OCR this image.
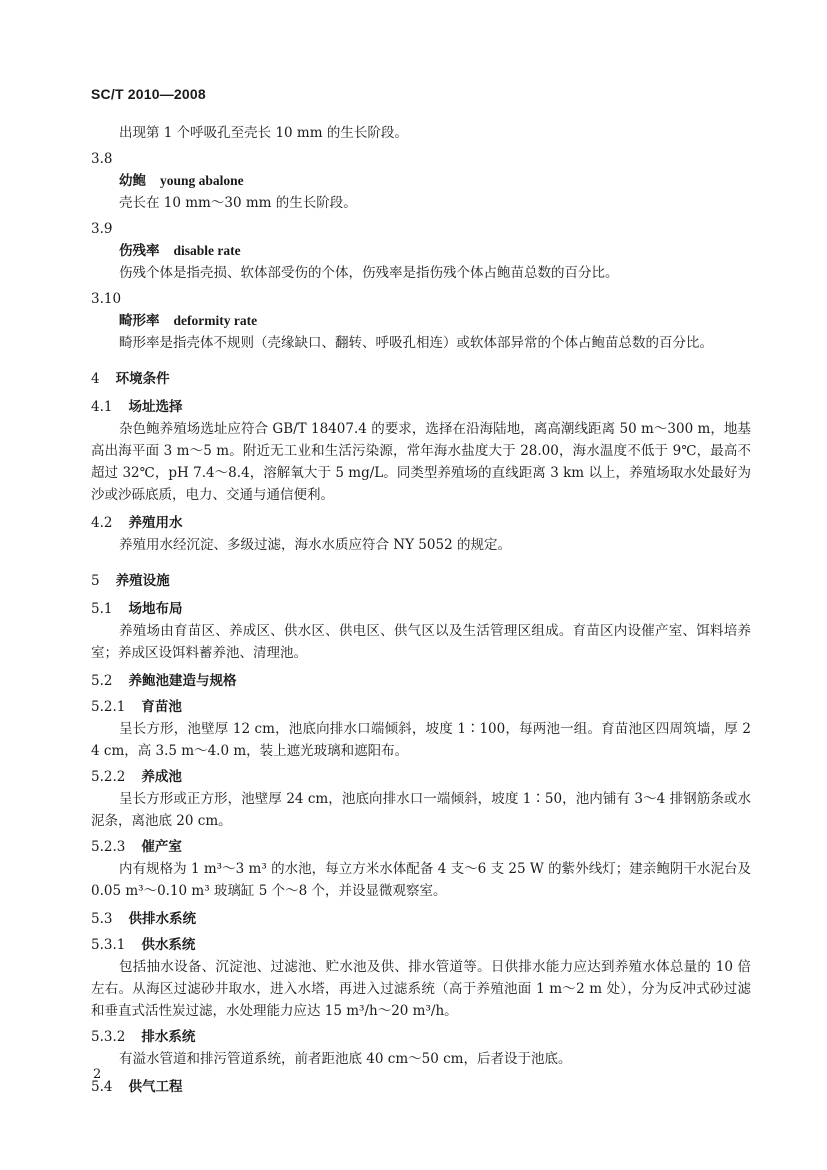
SC/T 2010—2008

出现第 1 个呼吸孔至壳长 10 mm 的生长阶段。

3.8
幼鲍 young abalone

壳长在 10 mm～30 mm 的生长阶段。

3.9
伤残率 disable rate

伤残个体是指壳损、软体部受伤的个体，伤残率是指伤残个体占鲍苗总数的百分比。

3.10
畸形率 deformity rate

畸形率是指壳体不规则（壳缘缺口、翻转、呼吸孔相连）或软体部异常的个体占鲍苗总数的百分比。

4 环境条件
4.1 场址选择

杂色鲍养殖场选址应符合 GB/T 18407.4 的要求，选择在沿海陆地，离高潮线距离 50 m～300 m，地基高出海平面 3 m～5 m。附近无工业和生活污染源，常年海水盐度大于 28.00，海水温度不低于 9℃，最高不超过 32℃，pH 7.4～8.4，溶解氧大于 5 mg/L。同类型养殖场的直线距离 3 km 以上，养殖场取水处最好为沙或沙砾底质，电力、交通与通信便利。

4.2 养殖用水

养殖用水经沉淀、多级过滤，海水水质应符合 NY 5052 的规定。

5 养殖设施
5.1 场地布局

养殖场由育苗区、养成区、供水区、供电区、供气区以及生活管理区组成。育苗区内设催产室、饵料培养室；养成区设饵料蓄养池、清理池。

5.2 养鲍池建造与规格
5.2.1 育苗池

呈长方形，池壁厚 12 cm，池底向排水口端倾斜，坡度 1∶100，每两池一组。育苗池区四周筑墙，厚 24 cm，高 3.5 m～4.0 m，装上遮光玻璃和遮阳布。

5.2.2 养成池

呈长方形或正方形，池壁厚 24 cm，池底向排水口一端倾斜，坡度 1∶50，池内铺有 3～4 排钢筋条或水泥条，离池底 20 cm。

5.2.3 催产室

内有规格为 1 m³～3 m³ 的水池，每立方米水体配备 4 支～6 支 25 W 的紫外线灯；建亲鲍阴干水泥台及 0.05 m³～0.10 m³ 玻璃缸 5 个～8 个，并设显微观察室。

5.3 供排水系统
5.3.1 供水系统

包括抽水设备、沉淀池、过滤池、贮水池及供、排水管道等。日供排水能力应达到养殖水体总量的 10 倍左右。从海区过滤砂井取水，进入水塔，再进入过滤系统（高于养殖池面 1 m～2 m 处），分为反冲式砂过滤和垂直式活性炭过滤，水处理能力应达 15 m³/h～20 m³/h。

5.3.2 排水系统

有溢水管道和排污管道系统，前者距池底 40 cm～50 cm，后者设于池底。

5.4 供气工程
2
